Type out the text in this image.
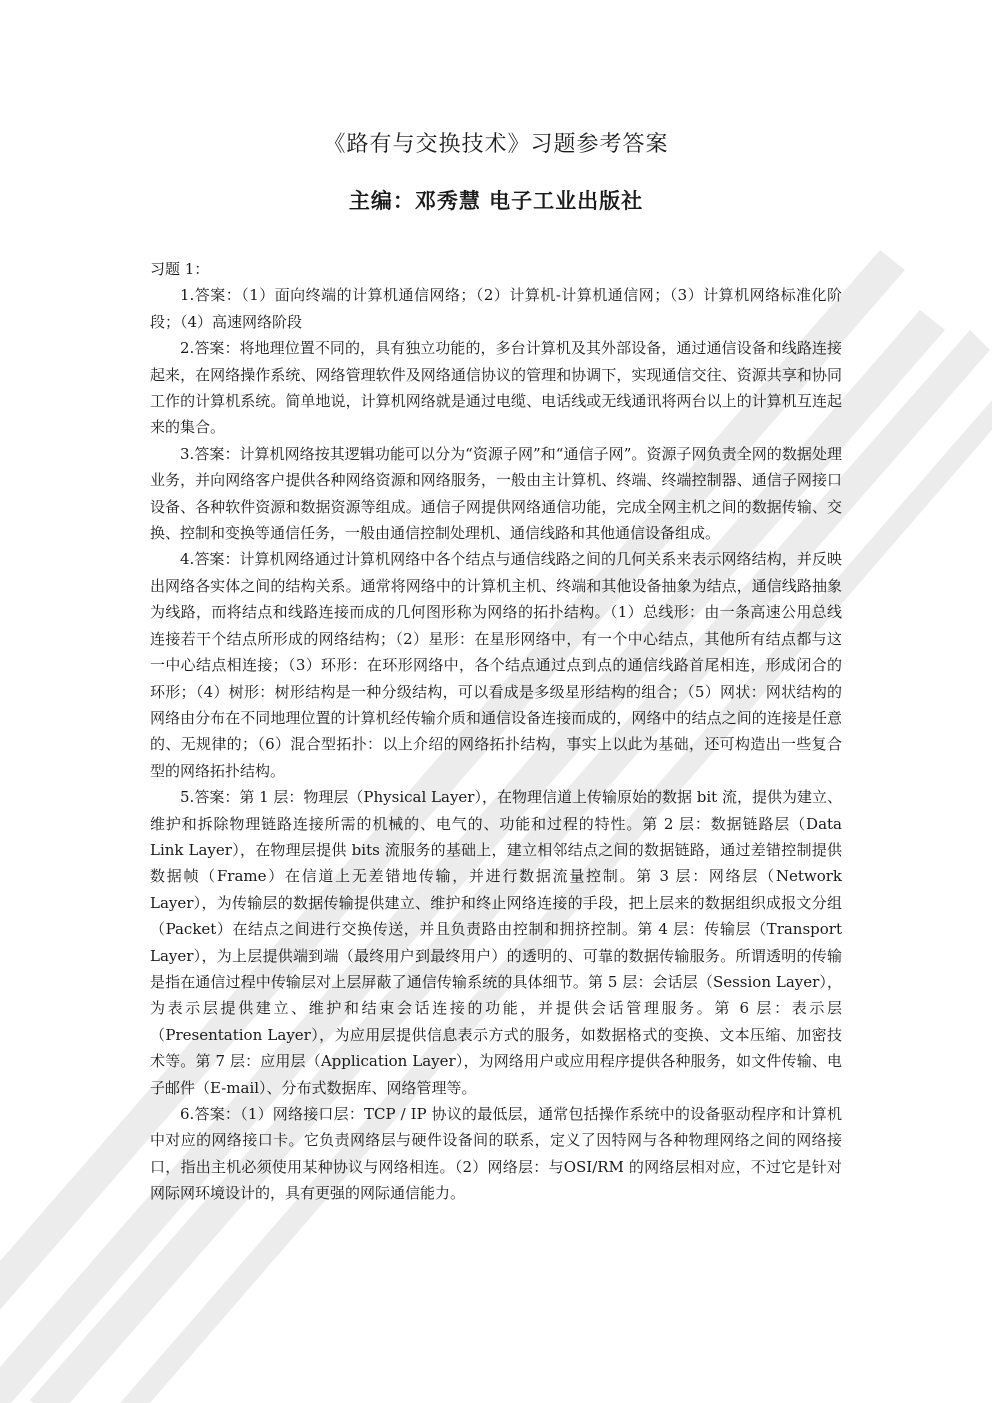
《路有与交换技术》习题参考答案
主编：邓秀慧 电子工业出版社

习题 1：

1.答案：（1）面向终端的计算机通信网络；（2）计算机-计算机通信网；（3）计算机网络标准化阶段；（4）高速网络阶段

2.答案：将地理位置不同的，具有独立功能的，多台计算机及其外部设备，通过通信设备和线路连接起来，在网络操作系统、网络管理软件及网络通信协议的管理和协调下，实现通信交往、资源共享和协同工作的计算机系统。简单地说，计算机网络就是通过电缆、电话线或无线通讯将两台以上的计算机互连起来的集合。

3.答案：计算机网络按其逻辑功能可以分为“资源子网”和“通信子网”。资源子网负责全网的数据处理业务，并向网络客户提供各种网络资源和网络服务，一般由主计算机、终端、终端控制器、通信子网接口设备、各种软件资源和数据资源等组成。通信子网提供网络通信功能，完成全网主机之间的数据传输、交换、控制和变换等通信任务，一般由通信控制处理机、通信线路和其他通信设备组成。

4.答案：计算机网络通过计算机网络中各个结点与通信线路之间的几何关系来表示网络结构，并反映出网络各实体之间的结构关系。通常将网络中的计算机主机、终端和其他设备抽象为结点，通信线路抽象为线路，而将结点和线路连接而成的几何图形称为网络的拓扑结构。（1）总线形：由一条高速公用总线连接若干个结点所形成的网络结构；（2）星形：在星形网络中，有一个中心结点，其他所有结点都与这一中心结点相连接；（3）环形：在环形网络中，各个结点通过点到点的通信线路首尾相连，形成闭合的环形；（4）树形：树形结构是一种分级结构，可以看成是多级星形结构的组合；（5）网状：网状结构的网络由分布在不同地理位置的计算机经传输介质和通信设备连接而成的，网络中的结点之间的连接是任意的、无规律的；（6）混合型拓扑：以上介绍的网络拓扑结构，事实上以此为基础，还可构造出一些复合型的网络拓扑结构。

5.答案：第 1 层：物理层（Physical Layer），在物理信道上传输原始的数据 bit 流，提供为建立、维护和拆除物理链路连接所需的机械的、电气的、功能和过程的特性。第 2 层：数据链路层（Data Link Layer），在物理层提供 bits 流服务的基础上，建立相邻结点之间的数据链路，通过差错控制提供数据帧（Frame）在信道上无差错地传输，并进行数据流量控制。第 3 层：网络层（Network Layer），为传输层的数据传输提供建立、维护和终止网络连接的手段，把上层来的数据组织成报文分组（Packet）在结点之间进行交换传送，并且负责路由控制和拥挤控制。第 4 层：传输层（Transport Layer），为上层提供端到端（最终用户到最终用户）的透明的、可靠的数据传输服务。所谓透明的传输是指在通信过程中传输层对上层屏蔽了通信传输系统的具体细节。第 5 层：会话层（Session Layer），为表示层提供建立、维护和结束会话连接的功能，并提供会话管理服务。第 6 层：表示层（Presentation Layer），为应用层提供信息表示方式的服务，如数据格式的变换、文本压缩、加密技术等。第 7 层：应用层（Application Layer），为网络用户或应用程序提供各种服务，如文件传输、电子邮件（E-mail）、分布式数据库、网络管理等。

6.答案：（1）网络接口层：TCP / IP 协议的最低层，通常包括操作系统中的设备驱动程序和计算机中对应的网络接口卡。它负责网络层与硬件设备间的联系，定义了因特网与各种物理网络之间的网络接口，指出主机必须使用某种协议与网络相连。（2）网络层：与OSI/RM 的网络层相对应，不过它是针对网际网环境设计的，具有更强的网际通信能力。
